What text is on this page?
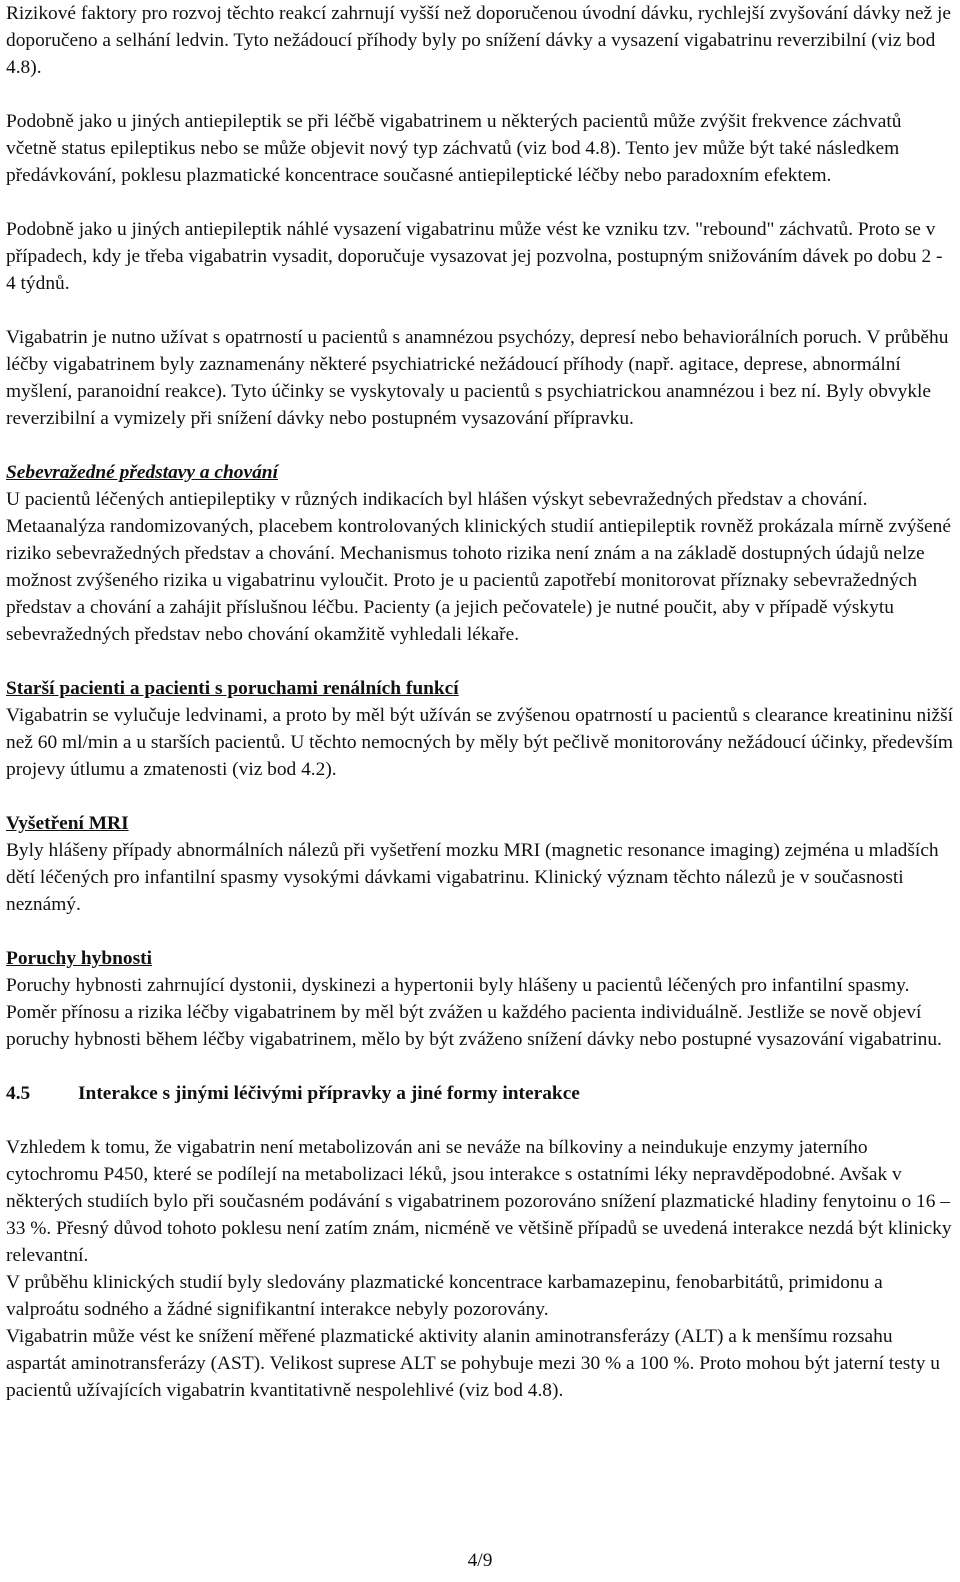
Rizikové faktory pro rozvoj těchto reakcí zahrnují vyšší než doporučenou úvodní dávku, rychlejší zvyšování dávky než je doporučeno a selhání ledvin. Tyto nežádoucí příhody byly po snížení dávky a vysazení vigabatrinu reverzibilní (viz bod 4.8).

Podobně jako u jiných antiepileptik se při léčbě vigabatrinem u některých pacientů může zvýšit frekvence záchvatů včetně status epileptikus nebo se může objevit nový typ záchvatů (viz bod 4.8). Tento jev může být také následkem předávkování, poklesu plazmatické koncentrace současné antiepileptické léčby nebo paradoxním efektem.

Podobně jako u jiných antiepileptik náhlé vysazení vigabatrinu může vést ke vzniku tzv. "rebound" záchvatů. Proto se v případech, kdy je třeba vigabatrin vysadit, doporučuje vysazovat jej pozvolna, postupným snižováním dávek po dobu 2 - 4 týdnů.

Vigabatrin je nutno užívat s opatrností u pacientů s anamnézou psychózy, depresí nebo behaviorálních poruch. V průběhu léčby vigabatrinem byly zaznamenány některé psychiatrické nežádoucí příhody (např. agitace, deprese, abnormální myšlení, paranoidní reakce). Tyto účinky se vyskytovaly u pacientů s psychiatrickou anamnézou i bez ní. Byly obvykle reverzibilní a vymizely při snížení dávky nebo postupném vysazování přípravku.

Sebevražedné představy a chování

U pacientů léčených antiepileptiky v různých indikacích byl hlášen výskyt sebevražedných představ a chování. Metaanalýza randomizovaných, placebem kontrolovaných klinických studií antiepileptik rovněž prokázala mírně zvýšené riziko sebevražedných představ a chování. Mechanismus tohoto rizika není znám a na základě dostupných údajů nelze možnost zvýšeného rizika u vigabatrinu vyloučit. Proto je u pacientů zapotřebí monitorovat příznaky sebevražedných představ a chování a zahájit příslušnou léčbu. Pacienty (a jejich pečovatele) je nutné poučit, aby v případě výskytu sebevražedných představ nebo chování okamžitě vyhledali lékaře.

Starší pacienti a pacienti s poruchami renálních funkcí

Vigabatrin se vylučuje ledvinami, a proto by měl být užíván se zvýšenou opatrností u pacientů s clearance kreatininu nižší než 60 ml/min a u starších pacientů. U těchto nemocných by měly být pečlivě monitorovány nežádoucí účinky, především projevy útlumu a zmatenosti (viz bod 4.2).

Vyšetření MRI

Byly hlášeny případy abnormálních nálezů při vyšetření mozku MRI (magnetic resonance imaging) zejména u mladších dětí léčených pro infantilní spasmy vysokými dávkami vigabatrinu. Klinický význam těchto nálezů je v současnosti neznámý.

Poruchy hybnosti

Poruchy hybnosti zahrnující dystonii, dyskinezi a hypertonii byly hlášeny u pacientů léčených pro infantilní spasmy. Poměr přínosu a rizika léčby vigabatrinem by měl být zvážen u každého pacienta individuálně. Jestliže se nově objeví poruchy hybnosti během léčby vigabatrinem, mělo by být zváženo snížení dávky nebo postupné vysazování vigabatrinu.

4.5	Interakce s jinými léčivými přípravky a jiné formy interakce

Vzhledem k tomu, že vigabatrin není metabolizován ani se neváže na bílkoviny a neindukuje enzymy jaterního cytochromu P450, které se podílejí na metabolizaci léků, jsou interakce s ostatními léky nepravděpodobné. Avšak v některých studiích bylo při současném podávání s vigabatrinem pozorováno snížení plazmatické hladiny fenytoinu o 16 – 33 %. Přesný důvod tohoto poklesu není zatím znám, nicméně ve většině případů se uvedená interakce nezdá být klinicky relevantní.

V průběhu klinických studií byly sledovány plazmatické koncentrace karbamazepinu, fenobarbitátů, primidonu a valproátu sodného a žádné signifikantní interakce nebyly pozorovány.

Vigabatrin může vést ke snížení měřené plazmatické aktivity alanin aminotransferázy (ALT) a k menšímu rozsahu aspartát aminotransferázy (AST). Velikost suprese ALT se pohybuje mezi 30 % a 100 %. Proto mohou být jaterní testy u pacientů užívajících vigabatrin kvantitativně nespolehlivé (viz bod 4.8).

4/9
